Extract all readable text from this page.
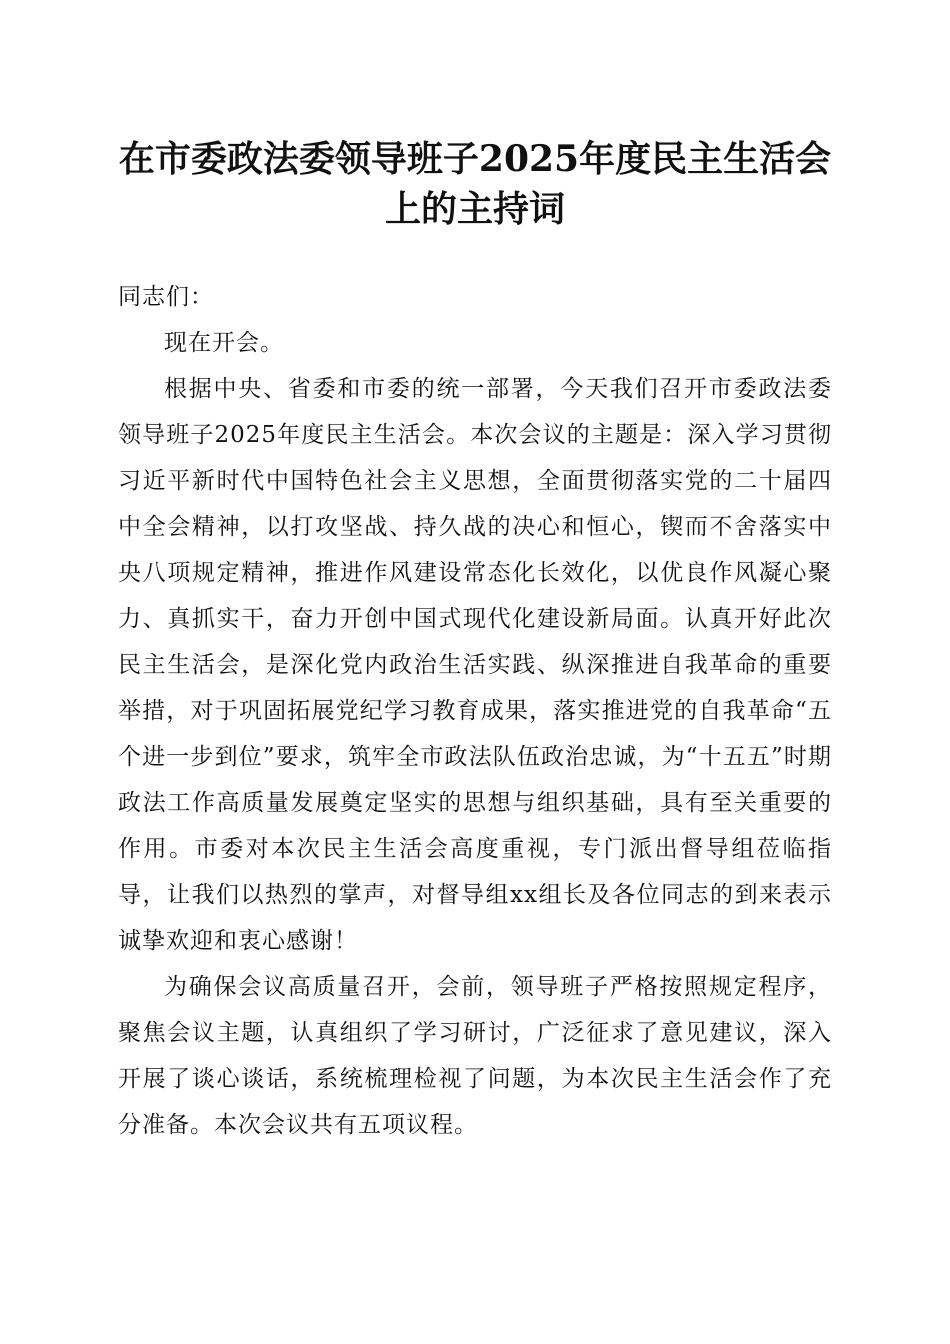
在市委政法委领导班子2025年度民主生活会
上的主持词

同志们：

现在开会。

根据中央、省委和市委的统一部署，今天我们召开市委政法委领导班子2025年度民主生活会。本次会议的主题是：深入学习贯彻习近平新时代中国特色社会主义思想，全面贯彻落实党的二十届四中全会精神，以打攻坚战、持久战的决心和恒心，锲而不舍落实中央八项规定精神，推进作风建设常态化长效化，以优良作风凝心聚力、真抓实干，奋力开创中国式现代化建设新局面。认真开好此次民主生活会，是深化党内政治生活实践、纵深推进自我革命的重要举措，对于巩固拓展党纪学习教育成果，落实推进党的自我革命“五个进一步到位”要求，筑牢全市政法队伍政治忠诚，为“十五五”时期政法工作高质量发展奠定坚实的思想与组织基础，具有至关重要的作用。市委对本次民主生活会高度重视，专门派出督导组莅临指导，让我们以热烈的掌声，对督导组xx组长及各位同志的到来表示诚挚欢迎和衷心感谢！

为确保会议高质量召开，会前，领导班子严格按照规定程序，聚焦会议主题，认真组织了学习研讨，广泛征求了意见建议，深入开展了谈心谈话，系统梳理检视了问题，为本次民主生活会作了充分准备。本次会议共有五项议程。
